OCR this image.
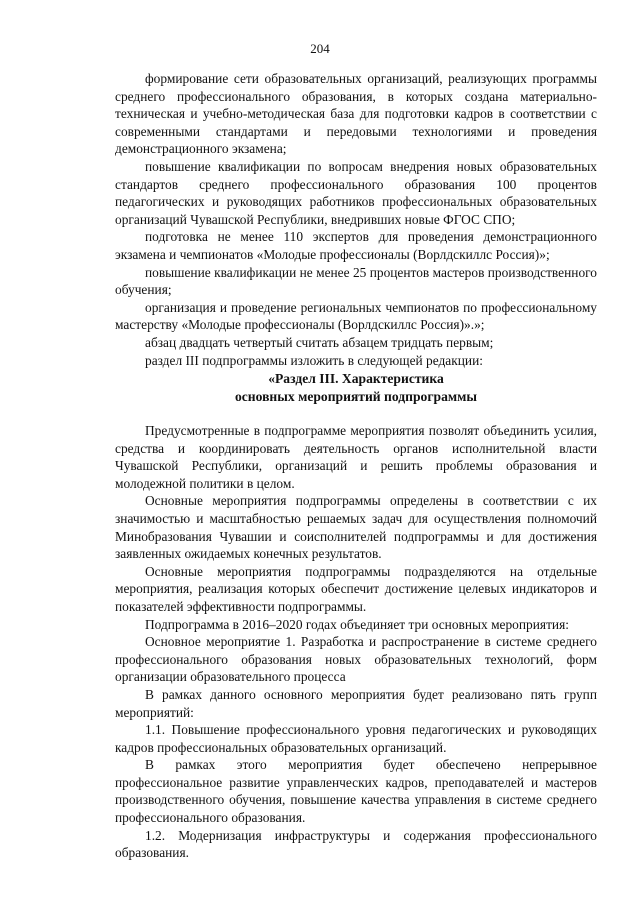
204

формирование сети образовательных организаций, реализующих программы среднего профессионального образования, в которых создана материально-техническая и учебно-методическая база для подготовки кадров в соответствии с современными стандартами и передовыми технологиями и проведения демонстрационного экзамена;

повышение квалификации по вопросам внедрения новых образовательных стандартов среднего профессионального образования 100 процентов педагогических и руководящих работников профессиональных образовательных организаций Чувашской Республики, внедривших новые ФГОС СПО;

подготовка не менее 110 экспертов для проведения демонстрационного экзамена и чемпионатов «Молодые профессионалы (Ворлдскиллс Россия)»;

повышение квалификации не менее 25 процентов мастеров производственного обучения;

организация и проведение региональных чемпионатов по профессиональному мастерству «Молодые профессионалы (Ворлдскиллс Россия)».»;

абзац двадцать четвертый считать абзацем тридцать первым;

раздел III подпрограммы изложить в следующей редакции:

«Раздел III. Характеристика
основных мероприятий подпрограммы

Предусмотренные в подпрограмме мероприятия позволят объединить усилия, средства и координировать деятельность органов исполнительной власти Чувашской Республики, организаций и решить проблемы образования и молодежной политики в целом.

Основные мероприятия подпрограммы определены в соответствии с их значимостью и масштабностью решаемых задач для осуществления полномочий Минобразования Чувашии и соисполнителей подпрограммы и для достижения заявленных ожидаемых конечных результатов.

Основные мероприятия подпрограммы подразделяются на отдельные мероприятия, реализация которых обеспечит достижение целевых индикаторов и показателей эффективности подпрограммы.

Подпрограмма в 2016–2020 годах объединяет три основных мероприятия:

Основное мероприятие 1. Разработка и распространение в системе среднего профессионального образования новых образовательных технологий, форм организации образовательного процесса

В рамках данного основного мероприятия будет реализовано пять групп мероприятий:

1.1. Повышение профессионального уровня педагогических и руководящих кадров профессиональных образовательных организаций.

В рамках этого мероприятия будет обеспечено непрерывное профессиональное развитие управленческих кадров, преподавателей и мастеров производственного обучения, повышение качества управления в системе среднего профессионального образования.

1.2. Модернизация инфраструктуры и содержания профессионального образования.
